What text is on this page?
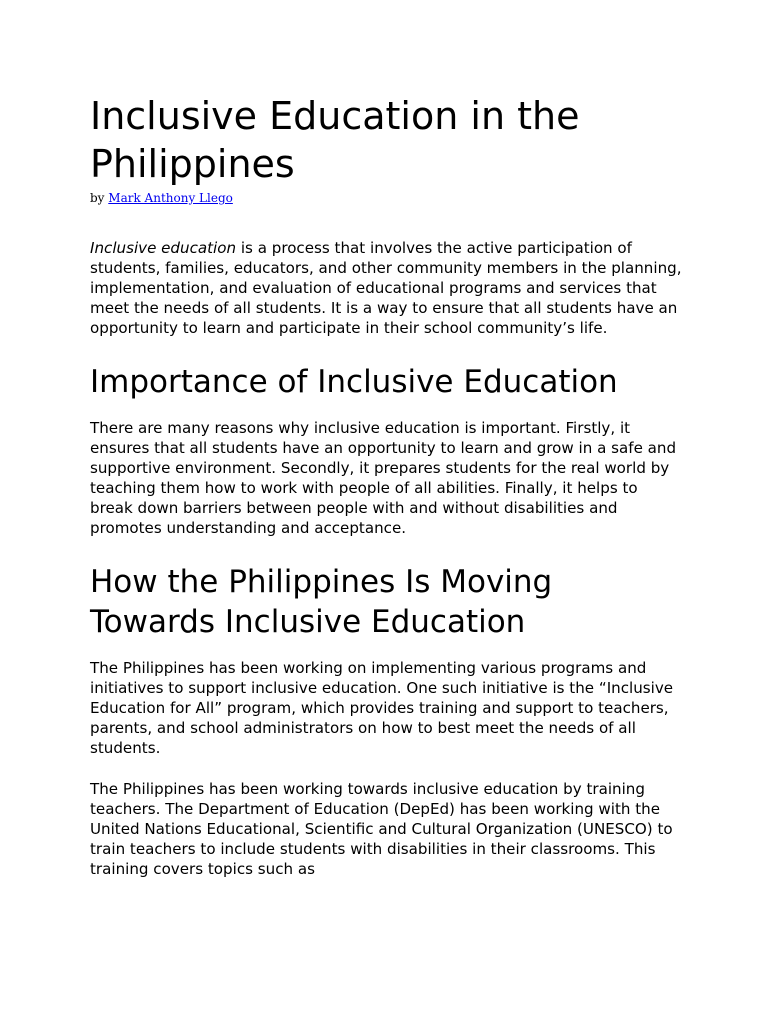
Inclusive Education in the Philippines
by Mark Anthony Llego

Inclusive education is a process that involves the active participation of students, families, educators, and other community members in the planning, implementation, and evaluation of educational programs and services that meet the needs of all students. It is a way to ensure that all students have an opportunity to learn and participate in their school community’s life.

Importance of Inclusive Education

There are many reasons why inclusive education is important. Firstly, it ensures that all students have an opportunity to learn and grow in a safe and supportive environment. Secondly, it prepares students for the real world by teaching them how to work with people of all abilities. Finally, it helps to break down barriers between people with and without disabilities and promotes understanding and acceptance.

How the Philippines Is Moving Towards Inclusive Education

The Philippines has been working on implementing various programs and initiatives to support inclusive education. One such initiative is the “Inclusive Education for All” program, which provides training and support to teachers, parents, and school administrators on how to best meet the needs of all students.

The Philippines has been working towards inclusive education by training teachers. The Department of Education (DepEd) has been working with the United Nations Educational, Scientific and Cultural Organization (UNESCO) to train teachers to include students with disabilities in their classrooms. This training covers topics such as
